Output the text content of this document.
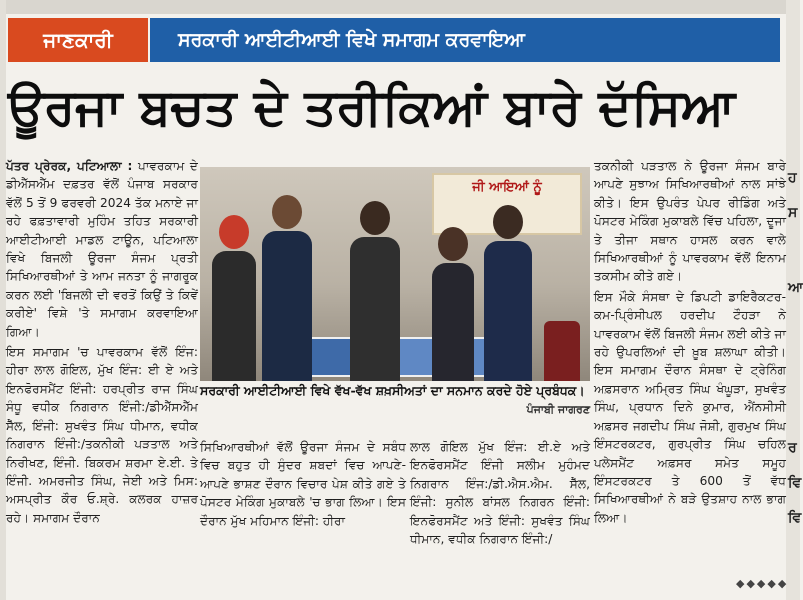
ਹ
ਸ
ਆ
ਰ
ਵਿ
ਵਿ
ਜਾਣਕਾਰੀ	ਸਰਕਾਰੀ ਆਈਟੀਆਈ ਵਿਖੇ ਸਮਾਗਮ ਕਰਵਾਇਆ
ਊਰਜਾ ਬਚਤ ਦੇ ਤਰੀਕਿਆਂ ਬਾਰੇ ਦੱਸਿਆ

ਪੱਤਰ ਪ੍ਰੇਰਕ, ਪਟਿਆਲਾ : ਪਾਵਰਕਾਮ ਦੇ ਡੀਐੱਸਐੱਮ ਦਫ਼ਤਰ ਵੱਲੋਂ ਪੰਜਾਬ ਸਰਕਾਰ ਵੱਲੋਂ 5 ਤੋਂ 9 ਫਰਵਰੀ 2024 ਤੱਕ ਮਨਾਏ ਜਾ ਰਹੇ ਫਫ਼ਤਾਵਾਰੀ ਮੁਹਿੰਮ ਤਹਿਤ ਸਰਕਾਰੀ ਆਈਟੀਆਈ ਮਾਡਲ ਟਾਊਨ, ਪਟਿਆਲਾ ਵਿਖੇ ਬਿਜਲੀ ਊਰਜਾ ਸੰਜਮ ਪ੍ਰਤੀ ਸਿਖਿਆਰਥੀਆਂ ਤੇ ਆਮ ਜਨਤਾ ਨੂੰ ਜਾਗਰੂਕ ਕਰਨ ਲਈ 'ਬਿਜਲੀ ਦੀ ਵਰਤੋਂ ਕਿਉਂ ਤੇ ਕਿਵੇਂ ਕਰੀਏ' ਵਿਸ਼ੇ 'ਤੇ ਸਮਾਗਮ ਕਰਵਾਇਆ ਗਿਆ।

ਇਸ ਸਮਾਗਮ 'ਚ ਪਾਵਰਕਾਮ ਵੱਲੋਂ ਇੰਜ: ਹੀਰਾ ਲਾਲ ਗੋਇਲ, ਮੁੱਖ ਇੰਜ: ਈ ਏ ਅਤੇ ਇਨਫੋਰਸਮੈਂਟ ਇੰਜੀ: ਹਰਪ੍ਰੀਤ ਰਾਜ ਸਿੰਘ ਸੰਧੂ ਵਧੀਕ ਨਿਗਰਾਨ ਇੰਜੀ:/ਡੀਐੱਸਐੱਮ ਸੈੱਲ, ਇੰਜੀ: ਸੁਖਵੰਤ ਸਿੰਘ ਧੀਮਾਨ, ਵਧੀਕ ਨਿਗਰਾਨ ਇੰਜੀ:/ਤਕਨੀਕੀ ਪੜਤਾਲ ਅਤੇ ਨਿਰੀਖਣ, ਇੰਜੀ. ਬਿਕਰਮ ਸ਼ਰਮਾ ਏ.ਈ. ਤੇ ਇੰਜੀ. ਅਮਰਜੀਤ ਸਿੰਘ, ਜੇਈ ਅਤੇ ਮਿਸ: ਅਸਪ੍ਰੀਤ ਕੌਰ ਓ.ਸ਼੍ਰੇ. ਕਲਰਕ ਹਾਜ਼ਰ ਰਹੇ। ਸਮਾਗਮ ਦੌਰਾਨ

ਜੀ ਆਇਆਂ ਨੂੰ
ਸਰਕਾਰੀ ਆਈਟੀਆਈ ਵਿਖੇ ਵੱਖ-ਵੱਖ ਸ਼ਖ਼ਸੀਅਤਾਂ ਦਾ ਸਨਮਾਨ ਕਰਦੇ ਹੋਏ ਪ੍ਰਬੰਧਕ।
ਪੰਜਾਬੀ ਜਾਗਰਣ

ਸਿਖਿਆਰਥੀਆਂ ਵੱਲੋਂ ਊਰਜਾ ਸੰਜਮ ਦੇ ਸਬੰਧ ਵਿਚ ਬਹੁਤ ਹੀ ਸੁੰਦਰ ਸ਼ਬਦਾਂ ਵਿਚ ਆਪਣੇ-ਆਪਣੇ ਭਾਸ਼ਣ ਦੌਰਾਨ ਵਿਚਾਰ ਪੇਸ਼ ਕੀਤੇ ਗਏ ਤੇ ਪੋਸਟਰ ਮੇਕਿੰਗ ਮੁਕਾਬਲੇ 'ਚ ਭਾਗ ਲਿਆ। ਇਸ ਦੌਰਾਨ ਮੁੱਖ ਮਹਿਮਾਨ ਇੰਜੀ: ਹੀਰਾ

ਲਾਲ ਗੋਇਲ ਮੁੱਖ ਇੰਜ: ਈ.ਏ ਅਤੇ ਇਨਫੋਰਸਮੈਂਟ ਇੰਜੀ ਸਲੀਮ ਮੁਹੰਮਦ ਨਿਗਰਾਨ ਇੰਜ:/ਡੀ.ਐਸ.ਐਮ. ਸੈੱਲ, ਇੰਜੀ: ਸੁਨੀਲ ਬਾਂਸਲ ਨਿਗਰਨ ਇੰਜੀ: ਇਨਫੋਰਸਮੈਂਟ ਅਤੇ ਇੰਜੀ: ਸੁਖਵੰਤ ਸਿੰਘ ਧੀਮਾਨ, ਵਧੀਕ ਨਿਗਰਾਨ ਇੰਜੀ:/

ਤਕਨੀਕੀ ਪੜਤਾਲ ਨੇ ਊਰਜਾ ਸੰਜਮ ਬਾਰੇ ਆਪਣੇ ਸੁਝਾਅ ਸਿਖਿਆਰਥੀਆਂ ਨਾਲ ਸਾਂਝੇ ਕੀਤੇ। ਇਸ ਉਪਰੰਤ ਪੇਪਰ ਰੀਡਿੰਗ ਅਤੇ ਪੋਸਟਰ ਮੇਕਿੰਗ ਮੁਕਾਬਲੇ ਵਿੱਚ ਪਹਿਲਾ, ਦੂਜਾ ਤੇ ਤੀਜਾ ਸਥਾਨ ਹਾਸਲ ਕਰਨ ਵਾਲੇ ਸਿਖਿਆਰਥੀਆਂ ਨੂੰ ਪਾਵਰਕਾਮ ਵੱਲੋਂ ਇਨਾਮ ਤਕਸੀਮ ਕੀਤੇ ਗਏ।

ਇਸ ਮੌਕੇ ਸੰਸਥਾ ਦੇ ਡਿਪਟੀ ਡਾਇਰੈਕਟਰ-ਕਮ-ਪ੍ਰਿੰਸੀਪਲ ਹਰਦੀਪ ਟੌਹੜਾ ਨੇ ਪਾਵਰਕਾਮ ਵੱਲੋਂ ਬਿਜਲੀ ਸੰਜਮ ਲਈ ਕੀਤੇ ਜਾ ਰਹੇ ਉਪਰਲਿਆਂ ਦੀ ਖ਼ੂਬ ਸ਼ਲਾਘਾ ਕੀਤੀ। ਇਸ ਸਮਾਗਮ ਦੌਰਾਨ ਸੰਸਥਾ ਦੇ ਟ੍ਰੇਨਿੰਗ ਅਫ਼ਸਰਾਨ ਅਮ੍ਰਿਤ ਸਿੰਘ ਖੰਘੂੜਾ, ਸੁਖਵੰਤ ਸਿੰਘ, ਪ੍ਰਧਾਨ ਦਿਨੇ ਕੁਮਾਰ, ਐਂਨਸੀਸੀ ਅਫ਼ਸਰ ਜਗਦੀਪ ਸਿੰਘ ਜੋਸ਼ੀ, ਗੁਰਮੁਖ ਸਿੰਘ ਇੰਸਟਰਕਟਰ, ਗੁਰਪ੍ਰੀਤ ਸਿੰਘ ਚਹਿਲ ਪਲੇਸਮੈਂਟ ਅਫ਼ਸਰ ਸਮੇਤ ਸਮੂਹ ਇੰਸਟਰਕਟਰ ਤੇ 600 ਤੋਂ ਵੱਧ ਸਿਖਿਆਰਥੀਆਂ ਨੇ ਬੜੇ ਉਤਸ਼ਾਹ ਨਾਲ ਭਾਗ ਲਿਆ।

◆◆◆◆◆
